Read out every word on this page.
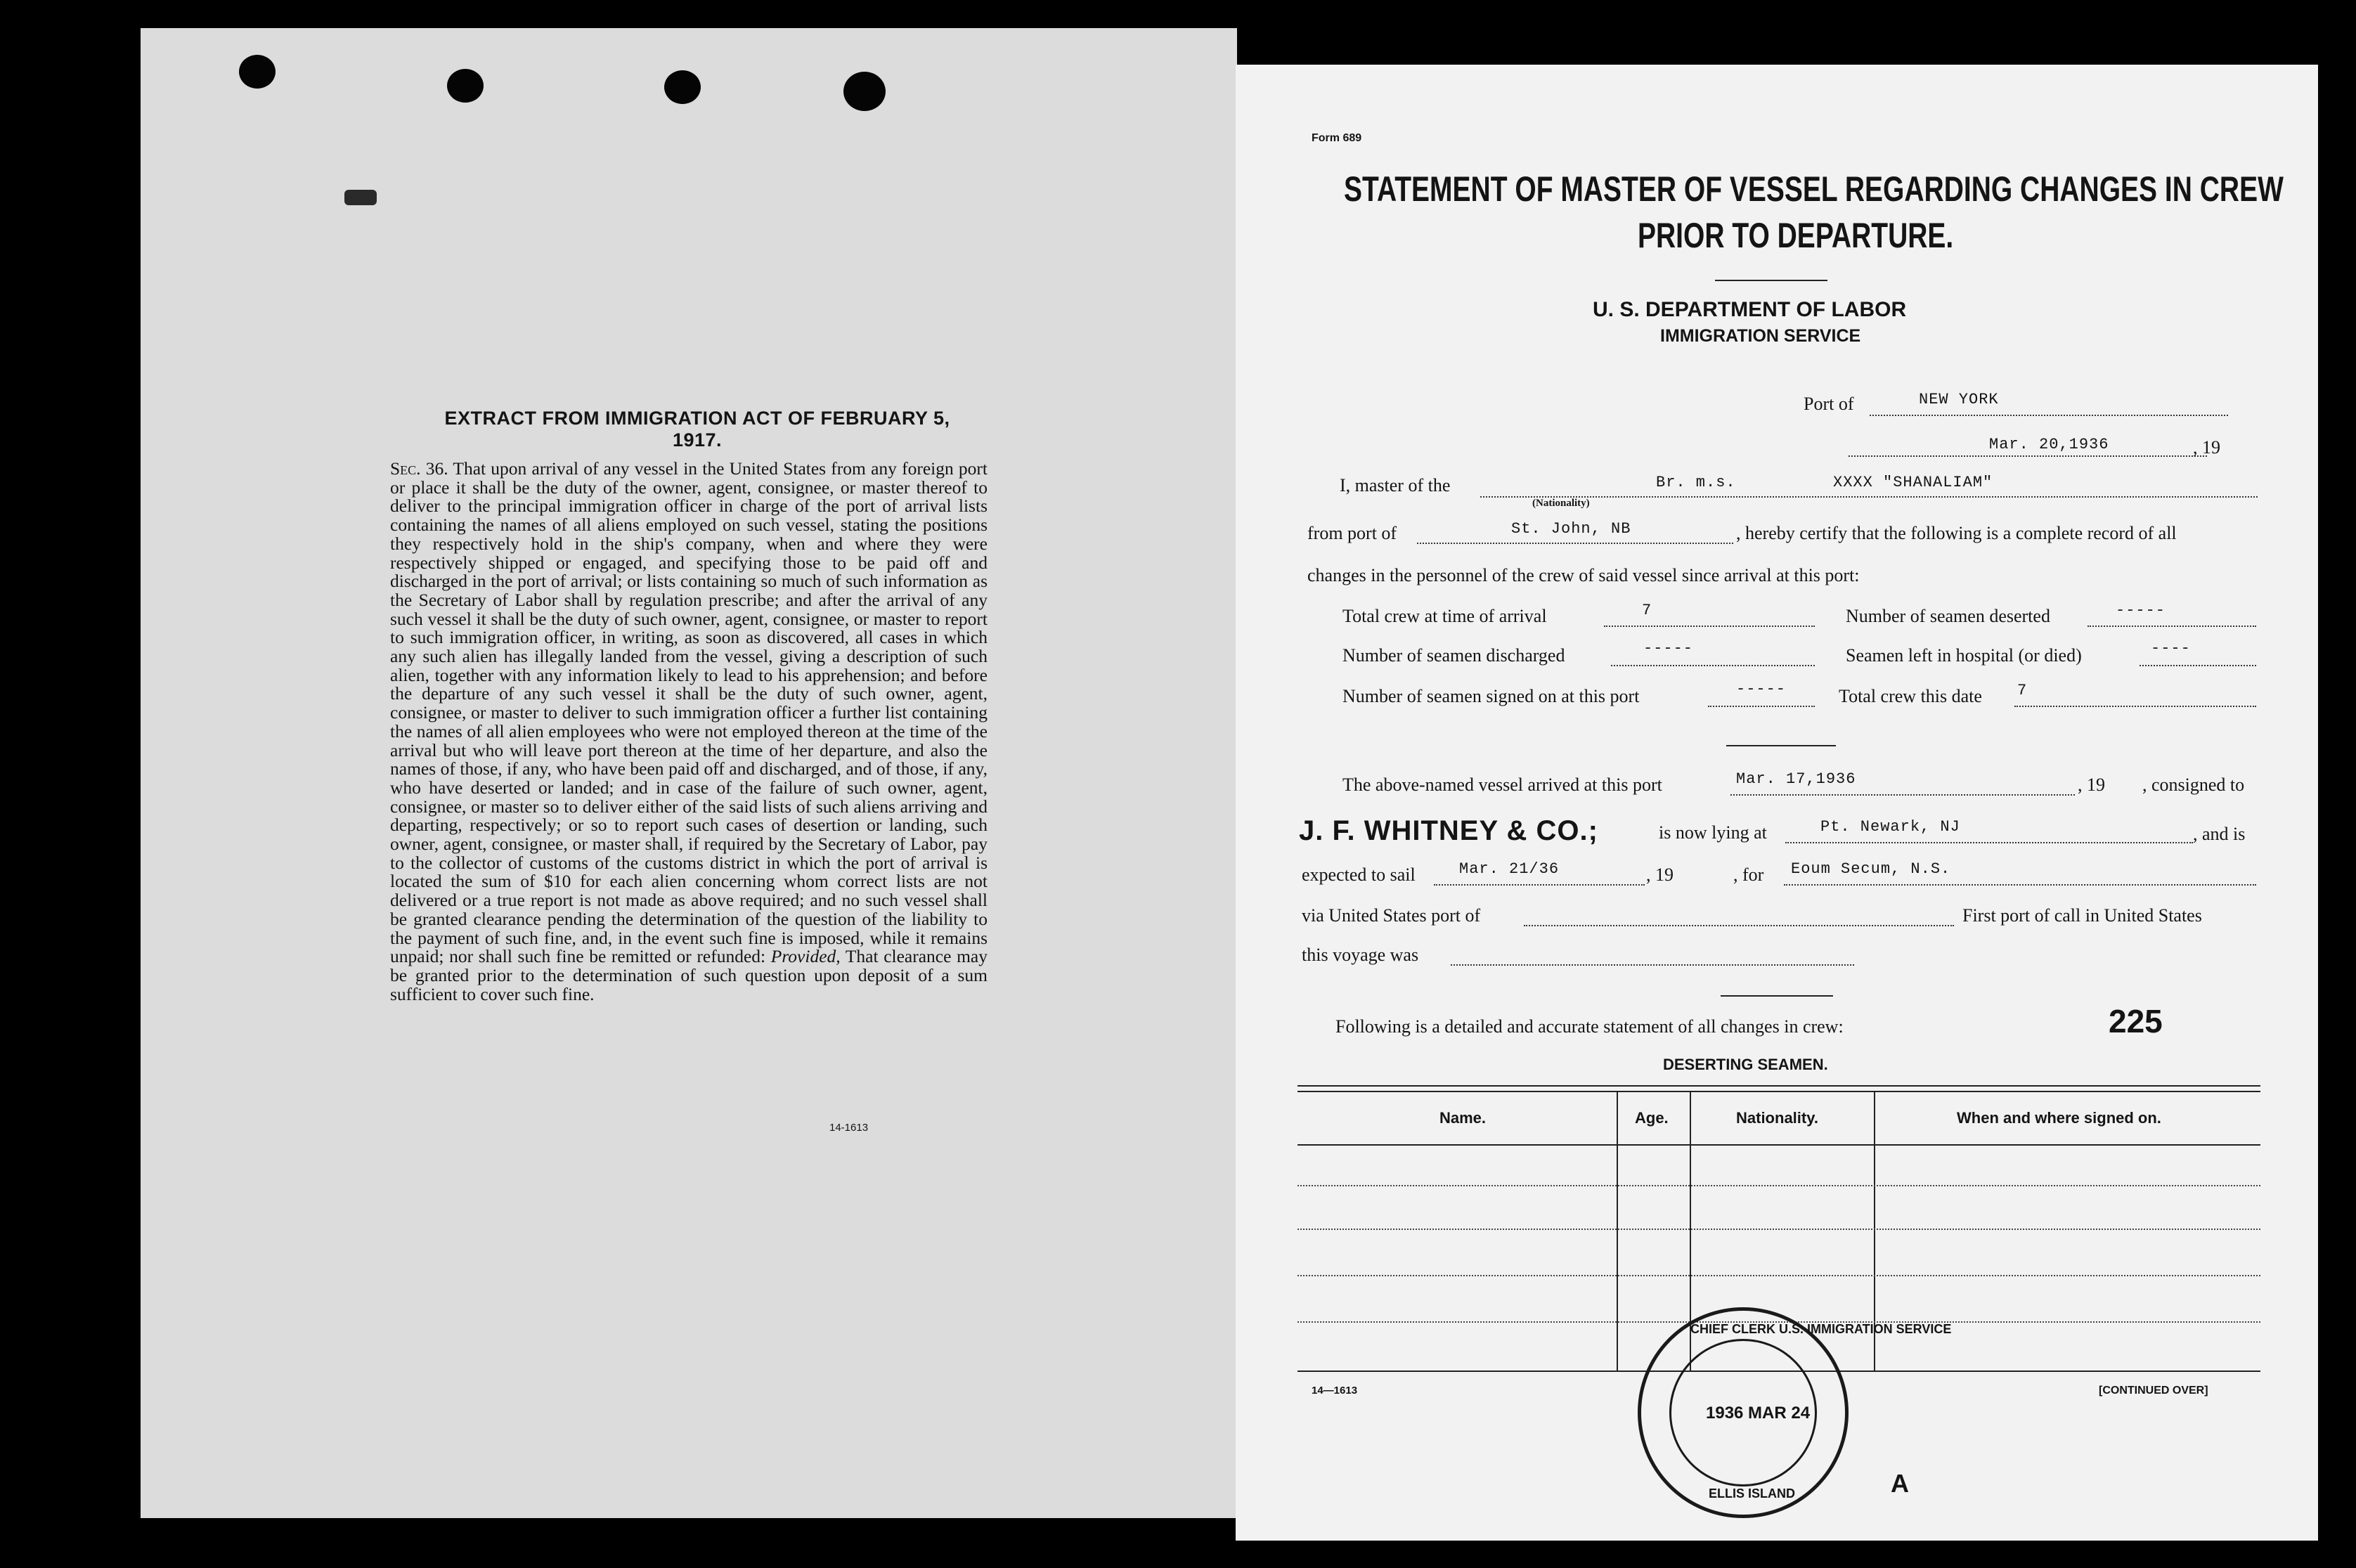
EXTRACT FROM IMMIGRATION ACT OF FEBRUARY 5, 1917.
Sec. 36. That upon arrival of any vessel in the United States from any foreign port or place it shall be the duty of the owner, agent, consignee, or master thereof to deliver to the principal immigration officer in charge of the port of arrival lists containing the names of all aliens employed on such vessel, stating the positions they respectively hold in the ship's company, when and where they were respectively shipped or engaged, and specifying those to be paid off and discharged in the port of arrival; or lists containing so much of such information as the Secretary of Labor shall by regulation prescribe; and after the arrival of any such vessel it shall be the duty of such owner, agent, consignee, or master to report to such immigration officer, in writing, as soon as discovered, all cases in which any such alien has illegally landed from the vessel, giving a description of such alien, together with any information likely to lead to his apprehension; and before the departure of any such vessel it shall be the duty of such owner, agent, consignee, or master to deliver to such immigration officer a further list containing the names of all alien employees who were not employed thereon at the time of the arrival but who will leave port thereon at the time of her departure, and also the names of those, if any, who have been paid off and discharged, and of those, if any, who have deserted or landed; and in case of the failure of such owner, agent, consignee, or master so to deliver either of the said lists of such aliens arriving and departing, respectively; or so to report such cases of desertion or landing, such owner, agent, consignee, or master shall, if required by the Secretary of Labor, pay to the collector of customs of the customs district in which the port of arrival is located the sum of $10 for each alien concerning whom correct lists are not delivered or a true report is not made as above required; and no such vessel shall be granted clearance pending the determination of the question of the liability to the payment of such fine, and, in the event such fine is imposed, while it remains unpaid; nor shall such fine be remitted or refunded: Provided, That clearance may be granted prior to the determination of such question upon deposit of a sum sufficient to cover such fine.
14-1613
Form 689
STATEMENT OF MASTER OF VESSEL REGARDING CHANGES IN CREW
PRIOR TO DEPARTURE.
U. S. DEPARTMENT OF LABOR
IMMIGRATION SERVICE
Port of	NEW YORK
Mar. 20,1936	, 19
I, master of the	Br. m.s.
(Nationality)
XXXX "SHANALIAM"
from port of	St. John, NB	, hereby certify that the following is a complete record of all
changes in the personnel of the crew of said vessel since arrival at this port:
Total crew at time of arrival	7	Number of seamen deserted	-----
Number of seamen discharged	-----	Seamen left in hospital (or died)	----
Number of seamen signed on at this port	-----	Total crew this date 7
The above-named vessel arrived at this port	Mar. 17,1936	, 19 , consigned to
J. F. WHITNEY & CO.;	is now lying at	Pt. Newark, NJ	, and is
expected to sail	Mar. 21/36	, 19	, for Eoum Secum, N.S.
via United States port of	First port of call in United States
this voyage was
Following is a detailed and accurate statement of all changes in crew:	225
DESERTING SEAMEN.
Name.	Age.	Nationality.	When and where signed on.
14—1613	[CONTINUED OVER]
CHIEF CLERK U.S. IMMIGRATION SERVICE
ELLIS ISLAND
1936 MAR 24
A
